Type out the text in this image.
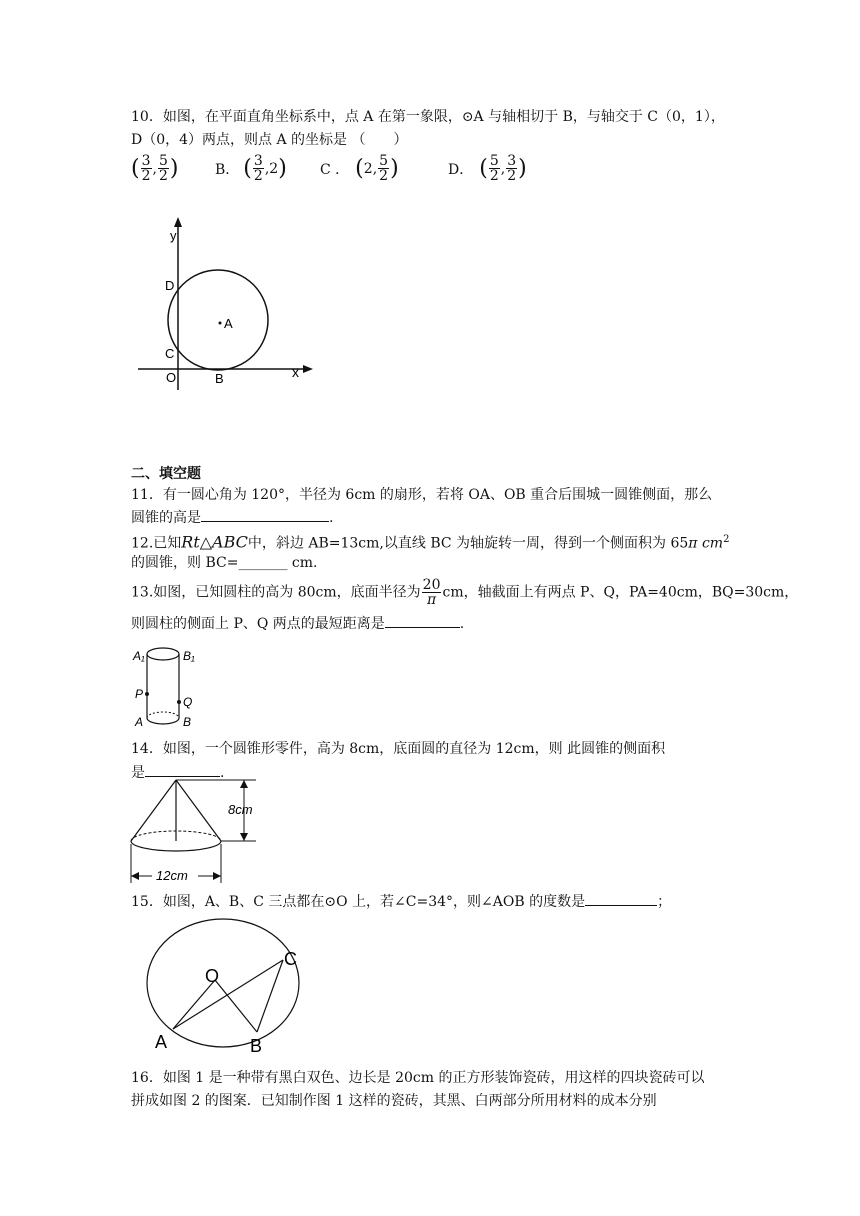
10．如图，在平面直角坐标系中，点 A 在第一象限，⊙A 与轴相切于 B，与轴交于 C（0，1），
D（0，4）两点，则点 A 的坐标是 （　　）
( $\frac{3}{2}$ , $\frac{5}{2}$ )	B． ( $\frac{3}{2}$ , 2 ) C ． ( 2 , $\frac{5}{2}$ )	D． ( $\frac{5}{2}$ , $\frac{3}{2}$ )
y
x
D
A
C
O	B
二、填空题
11．有一圆心角为 120°，半径为 6cm 的扇形，若将 OA、OB 重合后围城一圆锥侧面，那么
圆锥的高是	.
12.已知Rt△ABC中，斜边 AB=13cm,以直线 BC 为轴旋转一周，得到一个侧面积为 65π $cm^2$
的圆锥，则 BC=_______ cm.
13.如图，已知圆柱的高为 80cm，底面半径为 $\frac{20}{\pi}$ cm，轴截面上有两点 P、Q，PA=40cm，BQ=30cm，
则圆柱的侧面上 P、Q 两点的最短距离是	.
A₁	B₁
P
Q
A	B
14．如图，一个圆锥形零件，高为 8cm，底面圆的直径为 12cm，则 此圆锥的侧面积
是	.
8cm
12cm
15．如图，A、B、C 三点都在⊙O 上，若∠C=34°，则∠AOB 的度数是	；
O
A	B
C
16．如图 1 是一种带有黑白双色、边长是 20cm 的正方形装饰瓷砖，用这样的四块瓷砖可以
拼成如图 2 的图案．已知制作图 1 这样的瓷砖，其黑、白两部分所用材料的成本分别
